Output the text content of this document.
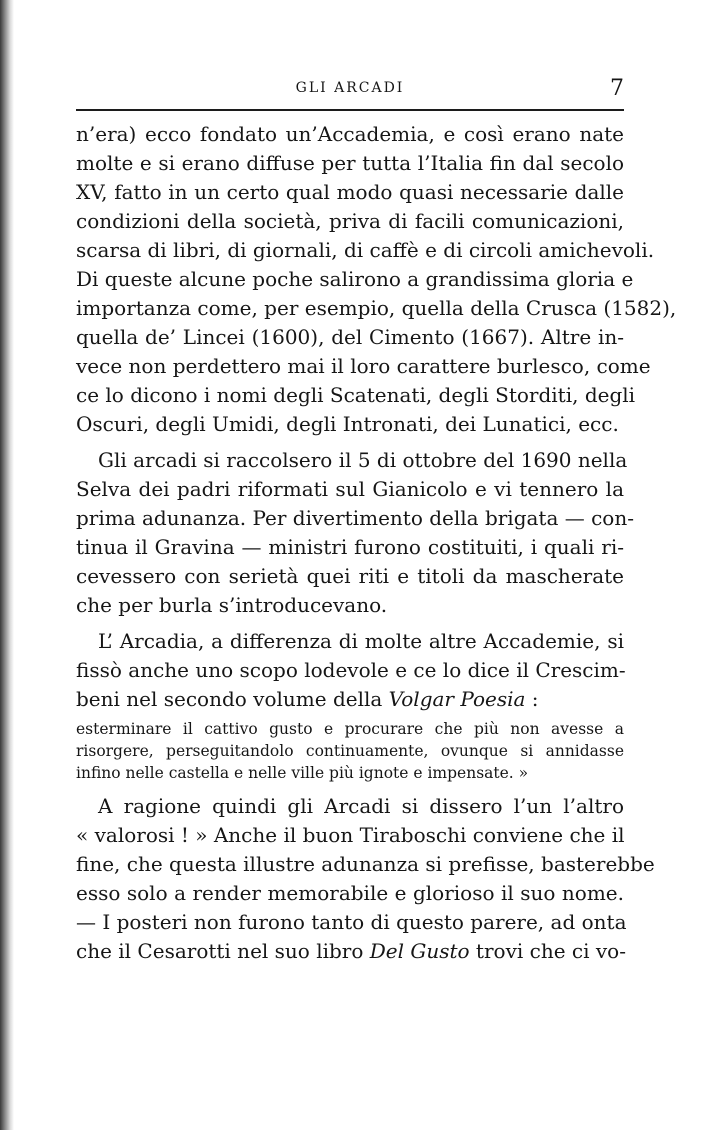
GLI ARCADI	7
n’era) ecco fondato un’Accademia, e così erano nate
molte e si erano diffuse per tutta l’Italia fin dal secolo
XV, fatto in un certo qual modo quasi necessarie dalle
condizioni della società, priva di facili comunicazioni,
scarsa di libri, di giornali, di caffè e di circoli amichevoli.
Di queste alcune poche salirono a grandissima gloria e
importanza come, per esempio, quella della Crusca (1582),
quella de’ Lincei (1600), del Cimento (1667). Altre in-
vece non perdettero mai il loro carattere burlesco, come
ce lo dicono i nomi degli Scatenati, degli Storditi, degli
Oscuri, degli Umidi, degli Intronati, dei Lunatici, ecc.
Gli arcadi si raccolsero il 5 di ottobre del 1690 nella
Selva dei padri riformati sul Gianicolo e vi tennero la
prima adunanza. Per divertimento della brigata — con-
tinua il Gravina — ministri furono costituiti, i quali ri-
cevessero con serietà quei riti e titoli da mascherate
che per burla s’introducevano.
L’ Arcadia, a differenza di molte altre Accademie, si
fissò anche uno scopo lodevole e ce lo dice il Crescim-
beni nel secondo volume della Volgar Poesia :
esterminare il cattivo gusto e procurare che più non avesse a
risorgere, perseguitandolo continuamente, ovunque si annidasse
infino nelle castella e nelle ville più ignote e impensate. »
A ragione quindi gli Arcadi si dissero l’un l’altro
« valorosi ! » Anche il buon Tiraboschi conviene che il
fine, che questa illustre adunanza si prefisse, basterebbe
esso solo a render memorabile e glorioso il suo nome.
— I posteri non furono tanto di questo parere, ad onta
che il Cesarotti nel suo libro Del Gusto trovi che ci vo-
